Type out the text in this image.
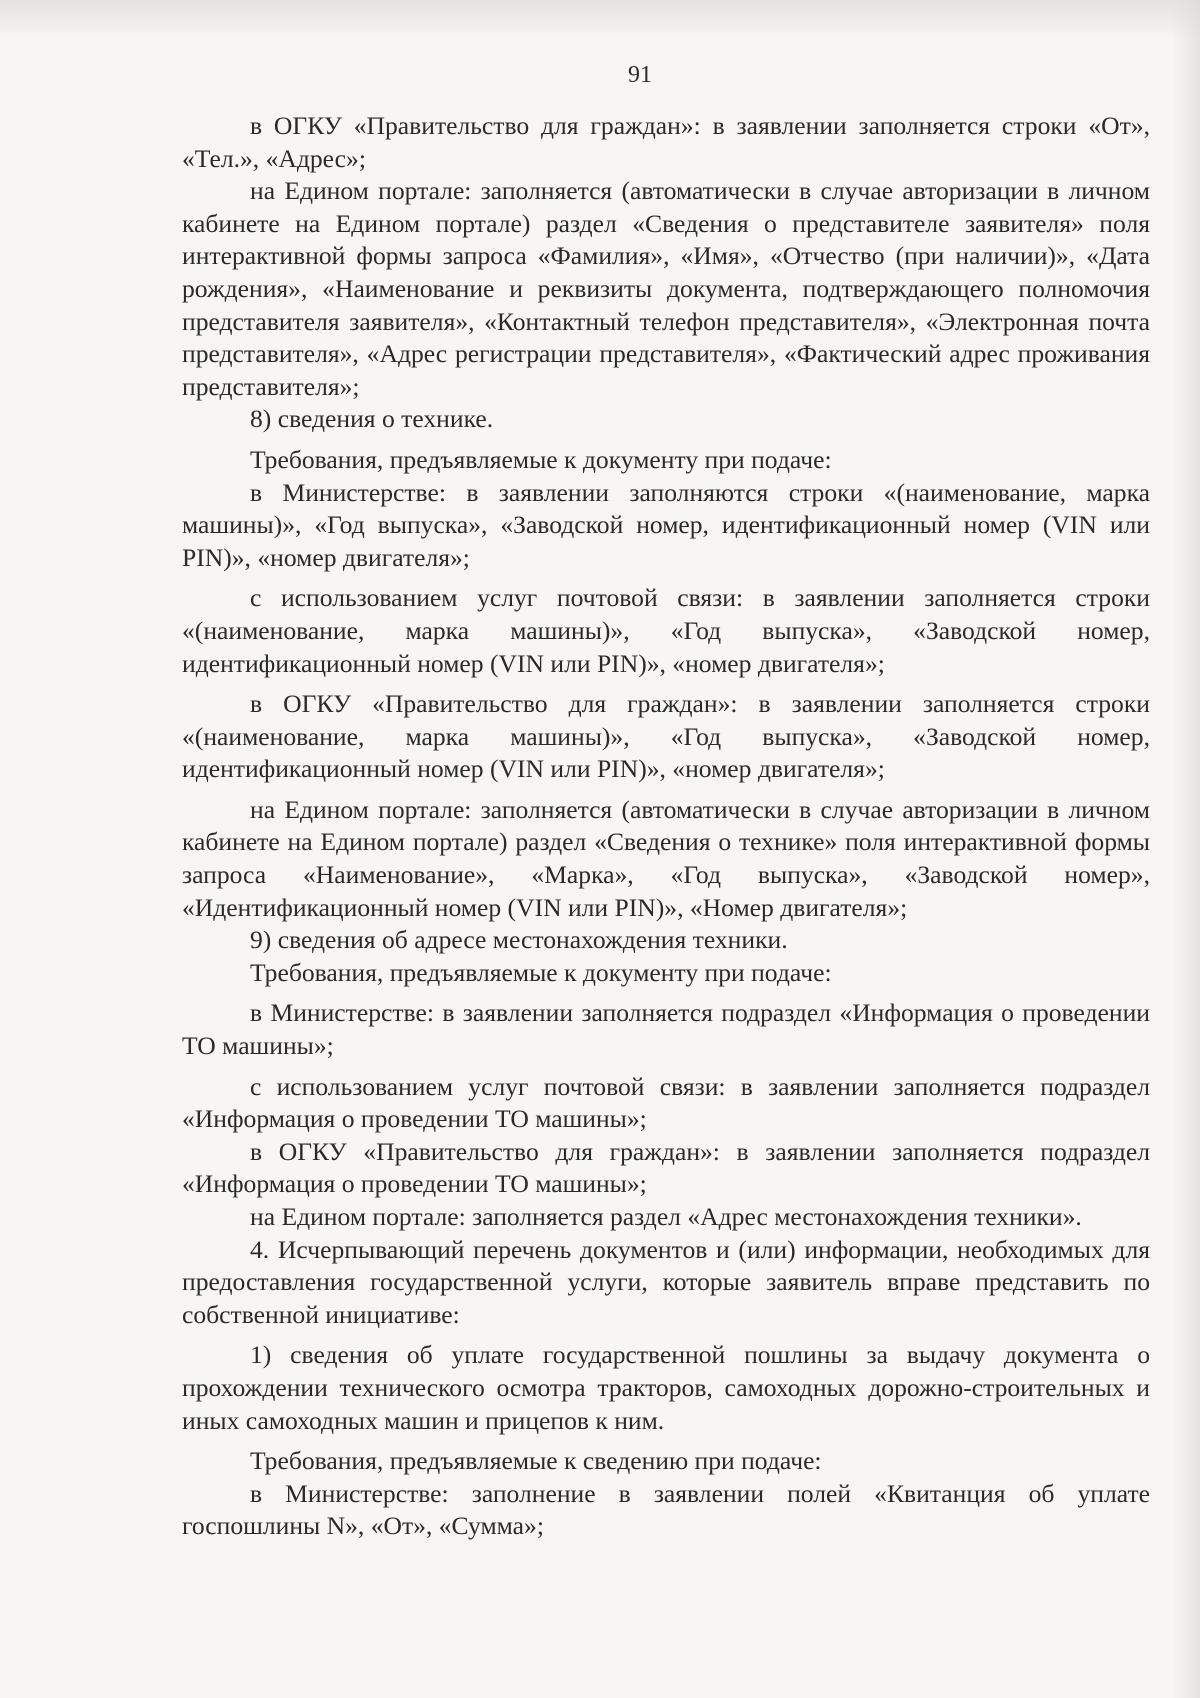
91

в ОГКУ «Правительство для граждан»: в заявлении заполняется строки «От», «Тел.», «Адрес»;

на Едином портале: заполняется (автоматически в случае авторизации в личном кабинете на Едином портале) раздел «Сведения о представителе заявителя» поля интерактивной формы запроса «Фамилия», «Имя», «Отчество (при наличии)», «Дата рождения», «Наименование и реквизиты документа, подтверждающего полномочия представителя заявителя», «Контактный телефон представителя», «Электронная почта представителя», «Адрес регистрации представителя», «Фактический адрес проживания представителя»;

8) сведения о технике.

Требования, предъявляемые к документу при подаче:

в Министерстве: в заявлении заполняются строки «(наименование, марка машины)», «Год выпуска», «Заводской номер, идентификационный номер (VIN или PIN)», «номер двигателя»;

с использованием услуг почтовой связи: в заявлении заполняется строки «(наименование, марка машины)», «Год выпуска», «Заводской номер, идентификационный номер (VIN или PIN)», «номер двигателя»;

в ОГКУ «Правительство для граждан»: в заявлении заполняется строки «(наименование, марка машины)», «Год выпуска», «Заводской номер, идентификационный номер (VIN или PIN)», «номер двигателя»;

на Едином портале: заполняется (автоматически в случае авторизации в личном кабинете на Едином портале) раздел «Сведения о технике» поля интерактивной формы запроса «Наименование», «Марка», «Год выпуска», «Заводской номер», «Идентификационный номер (VIN или PIN)», «Номер двигателя»;

9) сведения об адресе местонахождения техники.

Требования, предъявляемые к документу при подаче:

в Министерстве: в заявлении заполняется подраздел «Информация о проведении ТО машины»;

с использованием услуг почтовой связи: в заявлении заполняется подраздел «Информация о проведении ТО машины»;

в ОГКУ «Правительство для граждан»: в заявлении заполняется подраздел «Информация о проведении ТО машины»;

на Едином портале: заполняется раздел «Адрес местонахождения техники».

4. Исчерпывающий перечень документов и (или) информации, необходимых для предоставления государственной услуги, которые заявитель вправе представить по собственной инициативе:

1) сведения об уплате государственной пошлины за выдачу документа о прохождении технического осмотра тракторов, самоходных дорожно-строительных и иных самоходных машин и прицепов к ним.

Требования, предъявляемые к сведению при подаче:

в Министерстве: заполнение в заявлении полей «Квитанция об уплате госпошлины N», «От», «Сумма»;
